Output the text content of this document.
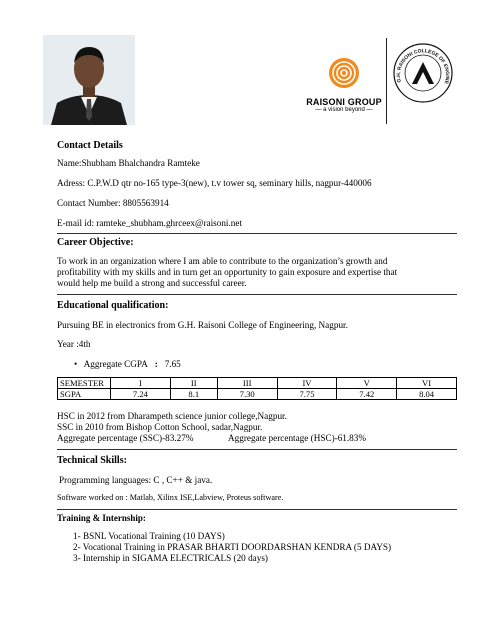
RAISONI GROUP
— a vision beyond —
G.H. RAISONI COLLEGE OF ENGINE
Contact Details
Name:Shubham Bhalchandra Ramteke
Adress: C.P.W.D qtr no-165 type-3(new), t.v tower sq, seminary hills, nagpur-440006
Contact Number: 8805563914
E-mail id: ramteke_shubham.ghrceex@raisoni.net
Career Objective:
To work in an organization where I am able to contribute to the organization’s growth and
profitability with my skills and in turn get an opportunity to gain exposure and expertise that
would help me build a strong and successful career.
Educational qualification:
Pursuing BE in electronics from G.H. Raisoni College of Engineering, Nagpur.
Year :4th
• Aggregate CGPA : 7.65
SEMESTER	I	II	III	IV	V	VI
SGPA	7.24	8.1	7.30	7.75	7.42	8.04
HSC in 2012 from Dharampeth science junior college,Nagpur.
SSC in 2010 from Bishop Cotton School, sadar,Nagpur.
Aggregate percentage (SSC)-83.27%	Aggregate percentage (HSC)-61.83%
Technical Skills:
Programming languages: C , C++ & java.
Software worked on : Matlab, Xilinx ISE,Labview, Proteus software.
Training & Internship:
1- BSNL Vocational Training (10 DAYS)
2- Vocational Training in PRASAR BHARTI DOORDARSHAN KENDRA (5 DAYS)
3- Internship in SIGAMA ELECTRICALS (20 days)
